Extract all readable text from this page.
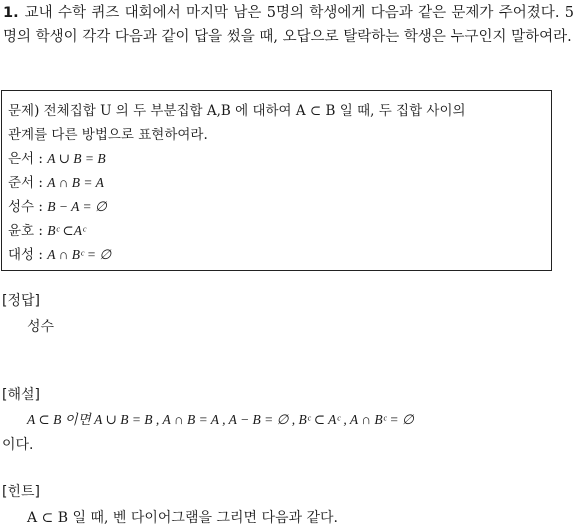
1. 교내 수학 퀴즈 대회에서 마지막 남은 5명의 학생에게 다음과 같은 문제가 주어졌다. 5명의 학생이 각각 다음과 같이 답을 썼을 때, 오답으로 탈락하는 학생은 누구인지 말하여라.
문제) 전체집합 U 의 두 부분집합 A,B 에 대하여 A ⊂ B 일 때, 두 집합 사이의
관계를 다른 방법으로 표현하여라.
은서 : A ∪ B = B
준서 : A ∩ B = A
성수 : B − A = ∅
윤호 : Bᶜ ⊂Aᶜ
대성 : A ∩ Bᶜ = ∅
[정답]
성수
[해설]
A ⊂ B 이면 A ∪ B = B , A ∩ B = A , A − B = ∅ , Bᶜ ⊂ Aᶜ , A ∩ Bᶜ = ∅
이다.
[힌트]
A ⊂ B 일 때, 벤 다이어그램을 그리면 다음과 같다.
